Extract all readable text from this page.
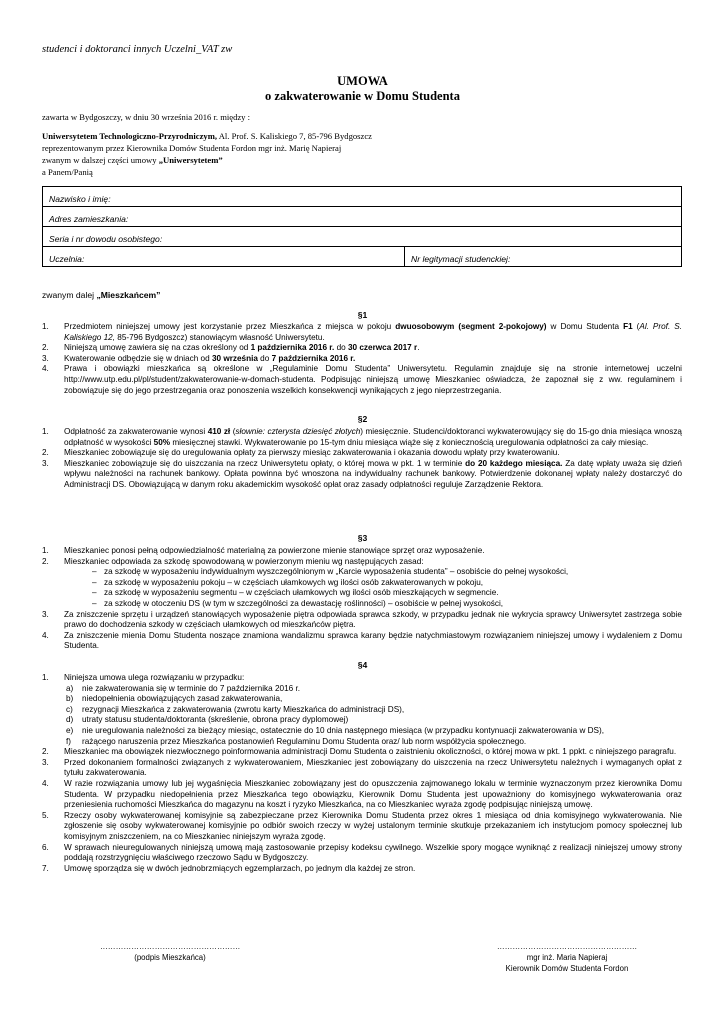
studenci i doktoranci innych Uczelni_VAT zw
UMOWA
o zakwaterowanie w Domu Studenta
zawarta w Bydgoszczy, w dniu 30 września 2016 r. między :
Uniwersytetem Technologiczno-Przyrodniczym, Al. Prof. S. Kaliskiego 7, 85-796 Bydgoszcz
reprezentowanym przez Kierownika Domów Studenta Fordon mgr inż. Marię Napieraj
zwanym w dalszej części umowy „Uniwersytetem”
a Panem/Panią
Nazwisko i imię:
Adres zamieszkania:
Seria i nr dowodu osobistego:
Uczelnia:	Nr legitymacji studenckiej:
zwanym dalej „Mieszkańcem”
§1
1. Przedmiotem niniejszej umowy jest korzystanie przez Mieszkańca z miejsca w pokoju dwuosobowym (segment 2-pokojowy) w Domu Studenta F1 (Al. Prof. S. Kaliskiego 12, 85-796 Bydgoszcz) stanowiącym własność Uniwersytetu.
2. Niniejszą umowę zawiera się na czas określony od 1 października 2016 r. do 30 czerwca 2017 r.
3. Kwaterowanie odbędzie się w dniach od 30 września do 7 października 2016 r.
4. Prawa i obowiązki mieszkańca są określone w „Regulaminie Domu Studenta” Uniwersytetu. Regulamin znajduje się na stronie internetowej uczelni http://www.utp.edu.pl/pl/student/zakwaterowanie-w-domach-studenta. Podpisując niniejszą umowę Mieszkaniec oświadcza, że zapoznał się z ww. regulaminem i zobowiązuje się do jego przestrzegania oraz ponoszenia wszelkich konsekwencji wynikających z jego nieprzestrzegania.
§2
1. Odpłatność za zakwaterowanie wynosi 410 zł (słownie: czterysta dziesięć złotych) miesięcznie. Studenci/doktoranci wykwaterowujący się do 15-go dnia miesiąca wnoszą odpłatność w wysokości 50% miesięcznej stawki. Wykwaterowanie po 15-tym dniu miesiąca wiąże się z koniecznością uregulowania odpłatności za cały miesiąc.
2. Mieszkaniec zobowiązuje się do uregulowania opłaty za pierwszy miesiąc zakwaterowania i okazania dowodu wpłaty przy kwaterowaniu.
3. Mieszkaniec zobowiązuje się do uiszczania na rzecz Uniwersytetu opłaty, o której mowa w pkt. 1 w terminie do 20 każdego miesiąca. Za datę wpłaty uważa się dzień wpływu należności na rachunek bankowy. Opłata powinna być wnoszona na indywidualny rachunek bankowy. Potwierdzenie dokonanej wpłaty należy dostarczyć do Administracji DS. Obowiązującą w danym roku akademickim wysokość opłat oraz zasady odpłatności reguluje Zarządzenie Rektora.
§3
1. Mieszkaniec ponosi pełną odpowiedzialność materialną za powierzone mienie stanowiące sprzęt oraz wyposażenie.
2. Mieszkaniec odpowiada za szkodę spowodowaną w powierzonym mieniu wg następujących zasad:
– za szkodę w wyposażeniu indywidualnym wyszczególnionym w „Karcie wyposażenia studenta” – osobiście do pełnej wysokości,
– za szkodę w wyposażeniu pokoju – w częściach ułamkowych wg ilości osób zakwaterowanych w pokoju,
– za szkodę w wyposażeniu segmentu – w częściach ułamkowych wg ilości osób mieszkających w segmencie.
– za szkodę w otoczeniu DS (w tym w szczególności za dewastację roślinności) – osobiście w pełnej wysokości,
3. Za zniszczenie sprzętu i urządzeń stanowiących wyposażenie piętra odpowiada sprawca szkody, w przypadku jednak nie wykrycia sprawcy Uniwersytet zastrzega sobie prawo do dochodzenia szkody w częściach ułamkowych od mieszkańców piętra.
4. Za zniszczenie mienia Domu Studenta noszące znamiona wandalizmu sprawca karany będzie natychmiastowym rozwiązaniem niniejszej umowy i wydaleniem z Domu Studenta.
§4
1. Niniejsza umowa ulega rozwiązaniu w przypadku:
a) nie zakwaterowania się w terminie do 7 października 2016 r.
b) niedopełnienia obowiązujących zasad zakwaterowania,
c) rezygnacji Mieszkańca z zakwaterowania (zwrotu karty Mieszkańca do administracji DS),
d) utraty statusu studenta/doktoranta (skreślenie, obrona pracy dyplomowej)
e) nie uregulowania należności za bieżący miesiąc, ostatecznie do 10 dnia następnego miesiąca (w przypadku kontynuacji zakwaterowania w DS),
f) rażącego naruszenia przez Mieszkańca postanowień Regulaminu Domu Studenta oraz/ lub norm współżycia społecznego.
2. Mieszkaniec ma obowiązek niezwłocznego poinformowania administracji Domu Studenta o zaistnieniu okoliczności, o której mowa w pkt. 1 ppkt. c niniejszego paragrafu.
3. Przed dokonaniem formalności związanych z wykwaterowaniem, Mieszkaniec jest zobowiązany do uiszczenia na rzecz Uniwersytetu należnych i wymaganych opłat z tytułu zakwaterowania.
4. W razie rozwiązania umowy lub jej wygaśnięcia Mieszkaniec zobowiązany jest do opuszczenia zajmowanego lokalu w terminie wyznaczonym przez kierownika Domu Studenta. W przypadku niedopełnienia przez Mieszkańca tego obowiązku, Kierownik Domu Studenta jest upoważniony do komisyjnego wykwaterowania oraz przeniesienia ruchomości Mieszkańca do magazynu na koszt i ryzyko Mieszkańca, na co Mieszkaniec wyraża zgodę podpisując niniejszą umowę.
5. Rzeczy osoby wykwaterowanej komisyjnie są zabezpieczane przez Kierownika Domu Studenta przez okres 1 miesiąca od dnia komisyjnego wykwaterowania. Nie zgłoszenie się osoby wykwaterowanej komisyjnie po odbiór swoich rzeczy w wyżej ustalonym terminie skutkuje przekazaniem ich instytucjom pomocy społecznej lub komisyjnym zniszczeniem, na co Mieszkaniec niniejszym wyraża zgodę.
6. W sprawach nieuregulowanych niniejszą umową mają zastosowanie przepisy kodeksu cywilnego. Wszelkie spory mogące wyniknąć z realizacji niniejszej umowy strony poddają rozstrzygnięciu właściwego rzeczowo Sądu w Bydgoszczy.
7. Umowę sporządza się w dwóch jednobrzmiących egzemplarzach, po jednym dla każdej ze stron.
………………………………………………
(podpis Mieszkańca)
………………………………………………
mgr inż. Maria Napieraj
Kierownik Domów Studenta Fordon
